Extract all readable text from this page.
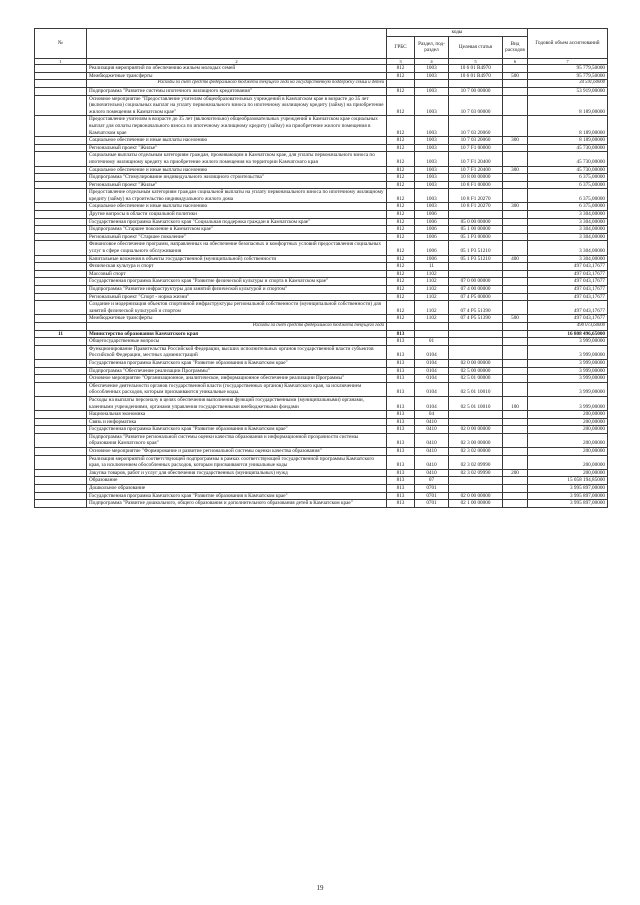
№		коды				Годовой объем ассигнований
		ГРБС	Раздел, под-раздел	Целевая статья	Вид расходов	
1	2	3	4	5	6	7
	Реализация мероприятий по обеспечению жильем молодых семей	812	1003	10 6 01 R4970		95 779,50000
	Межбюджетные трансферты	812	1003	10 6 01 R4970	500	95 779,50000
	Расходы за счет средств федерального бюджета текущего года на государственную поддержку семьи и детей					34 591,60000
	Подпрограмма "Развитие системы ипотечного жилищного кредитования"	812	1003	10 7 00 00000		53 919,00000
	Основное мероприятие "Предоставление учителям общеобразовательных учреждений в Камчатском крае в возрасте до 35 лет (включительно) социальных выплат на уплату первоначального взноса по ипотечному жилищному кредиту (займу) на приобретение жилого помещения в Камчатском крае"	812	1003	10 7 03 00000		8 189,00000
	Предоставление учителям в возрасте до 35 лет (включительно) общеобразовательных учреждений в Камчатском крае социальных выплат для оплаты первоначального взноса по ипотечному жилищному кредиту (займу) на приобретение жилого помещения в Камчатском крае	812	1003	10 7 03 20060		8 189,00000
	Социальное обеспечение и иные выплаты населению	812	1003	10 7 03 20060	300	8 189,00000
	Региональный проект "Жилье"	812	1003	10 7 F1 00000		45 730,00000
	Социальные выплаты отдельным категориям граждан, проживающим в Камчатском крае, для уплаты первоначального взноса по ипотечному жилищному кредиту на приобретение жилого помещения на территории Камчатского края	812	1003	10 7 F1 20400		45 730,00000
	Социальное обеспечение и иные выплаты населению	812	1003	10 7 F1 20400	300	45 730,00000
	Подпрограмма "Стимулирование индивидуального жилищного строительства"	812	1003	10 8 00 00000		6 375,00000
	Региональный проект "Жилье"	812	1003	10 8 F1 00000		6 375,00000
	Предоставление отдельным категориям граждан социальной выплаты на уплату первоначального взноса по ипотечному жилищному кредиту (займу) на строительство индивидуального жилого дома	812	1003	10 8 F1 20270		6 375,00000
	Социальное обеспечение и иные выплаты населению	812	1003	10 8 F1 20270	300	6 375,00000
	Другие вопросы в области социальной политики	812	1006			3 304,00000
	Государственная программа Камчатского края "Социальная поддержка граждан в Камчатском крае"	812	1006	05 0 00 00000		3 304,00000
	Подпрограмма "Старшее поколение в Камчатском крае"	812	1006	05 1 00 00000		3 304,00000
	Региональный проект "Старшее поколение"	812	1006	05 1 P3 00000		3 304,00000
	Финансовое обеспечение программ, направленных на обеспечение безопасных и комфортных условий предоставления социальных услуг в сфере социального обслуживания	812	1006	05 1 P3 51210		3 304,00000
	Капитальные вложения в объекты государственной (муниципальной) собственности	812	1006	05 1 P3 51210	400	3 304,00000
	Физическая культура и спорт	812	11			497 043,17677
	Массовый спорт	812	1102			497 043,17677
	Государственная программа Камчатского края "Развитие физической культуры и спорта в Камчатском крае"	812	1102	07 0 00 00000		497 043,17677
	Подпрограмма "Развитие инфраструктуры для занятий физической культурой и спортом"	812	1102	07 4 00 00000		497 043,17677
	Региональный проект "Спорт - норма жизни"	812	1102	07 4 P5 00000		497 043,17677
	Создание и модернизация объектов спортивной инфраструктуры региональной собственности (муниципальной собственности) для занятий физической культурой и спортом	812	1102	07 4 P5 51390		497 043,17677
	Межбюджетные трансферты	812	1102	07 4 P5 51390	500	497 043,17677
	Расходы за счет средств федерального бюджета текущего года					490 073,60000
11	Министерство образования Камчатского края	813				16 808 496,65000
	Общегосударственные вопросы	813	01			3 999,00000
	Функционирование Правительства Российской Федерации, высших исполнительных органов государственной власти субъектов Российской Федерации, местных администраций	813	0104			3 999,00000
	Государственная программа Камчатского края "Развитие образования в Камчатском крае"	813	0104	02 0 00 00000		3 999,00000
	Подпрограмма "Обеспечение реализации Программы"	813	0104	02 5 00 00000		3 999,00000
	Основное мероприятие "Организационное, аналитическое, информационное обеспечение реализации Программы"	813	0104	02 5 01 00000		3 999,00000
	Обеспечение деятельности органов государственной власти (государственных органов) Камчатского края, за исключением обособленных расходов, которым присваиваются уникальные коды.	813	0104	02 5 01 10010		3 999,00000
	Расходы на выплаты персоналу в целях обеспечения выполнения функций государственными (муниципальными) органами, казенными учреждениями, органами управления государственными внебюджетными фондами	813	0104	02 5 01 10010	100	3 999,00000
	Национальная экономика	813	04			200,00000
	Связь и информатика	813	0410			200,00000
	Государственная программа Камчатского края "Развитие образования в Камчатском крае"	813	0410	02 0 00 00000		200,00000
	Подпрограмма "Развитие региональной системы оценки качества образования и информационной прозрачности системы образования Камчатского края"	813	0410	02 3 00 00000		200,00000
	Основное мероприятие "Формирование и развитие региональной системы оценки качества образования"	813	0410	02 3 02 00000		200,00000
	Реализация мероприятий соответствующей подпрограммы в рамках соответствующей государственной программы Камчатского края, за исключением обособленных расходов, которым присваиваются уникальные коды	813	0410	02 3 02 09990		200,00000
	Закупка товаров, работ и услуг для обеспечения государственных (муниципальных) нужд	813	0410	02 3 02 09990	200	200,00000
	Образование	813	07			15 058 194,85000
	Дошкольное образование	813	0701			3 995 897,00000
	Государственная программа Камчатского края "Развитие образования в Камчатском крае"	813	0701	02 0 00 00000		3 995 897,00000
	Подпрограмма "Развитие дошкольного, общего образования и дополнительного образования детей в Камчатском крае"	813	0701	02 1 00 00000		3 995 897,00000
19
